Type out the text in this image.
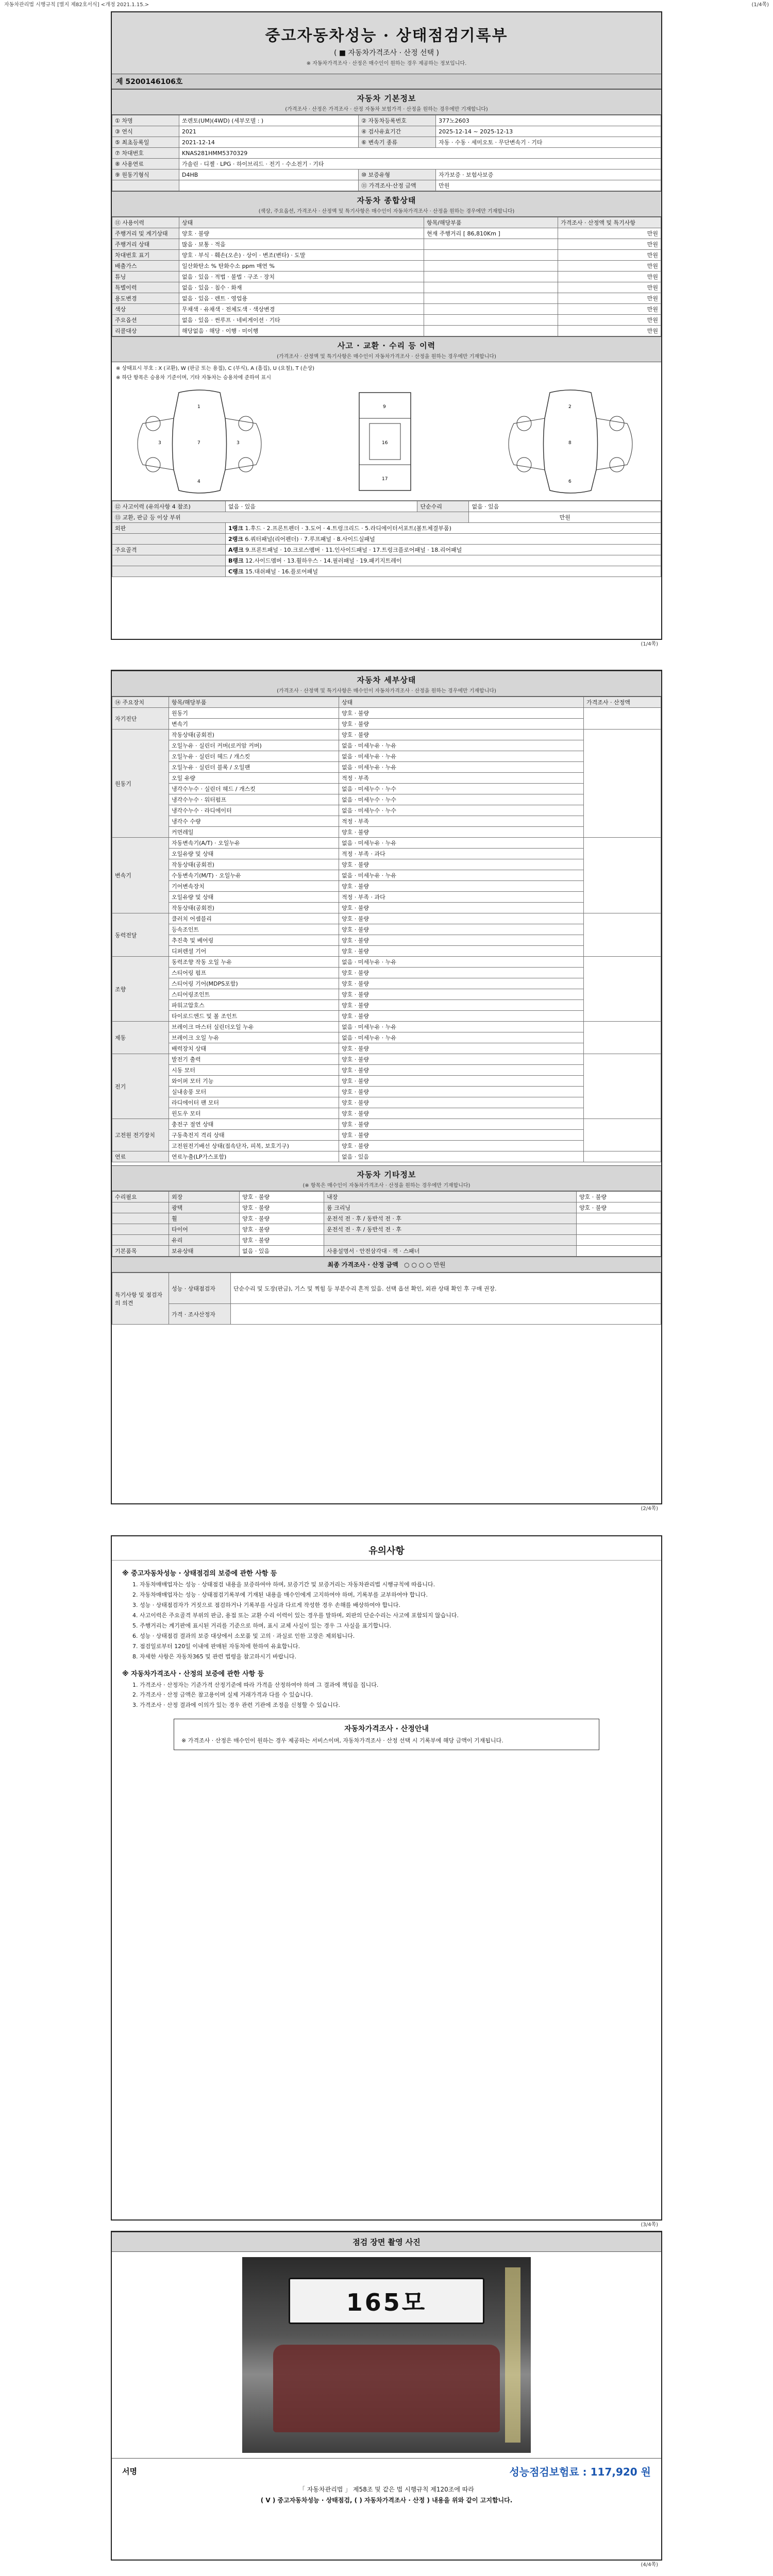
자동차관리법 시행규칙 [별지 제82호서식] <개정 2021.1.15.>	(1/4쪽)
중고자동차성능 · 상태점검기록부
( ■ 자동차가격조사 · 산정 선택 )
※ 자동차가격조사 · 산정은 매수인이 원하는 경우 제공하는 정보입니다.
제 5200146106호
자동차 기본정보
(가격조사 · 산정은 가격조사 · 산정 자동차 보험가격 · 산정을 원하는 경우에만 기재합니다)
① 차명	쏘렌토(UM)(4WD) (세부모델 : )	② 자동차등록번호	377노2603
③ 연식	2021	④ 검사유효기간	2025-12-14 ~ 2025-12-13
⑤ 최초등록일	2021-12-14	⑥ 변속기 종류	자동 · 수동 · 세미오토 · 무단변속기 · 기타
⑦ 차대번호	KNAS281HMM5370329		
⑧ 사용연료	가솔린 · 디젤 · LPG · 하이브리드 · 전기 · 수소전기 · 기타		
⑨ 원동기형식	D4HB	⑩ 보증유형	자가보증 · 보험사보증
		⑪ 가격조사·산정 금액	만원
자동차 종합상태
(색상, 주요옵션, 가격조사 · 산정액 및 특기사항은 매수인이 자동차가격조사 · 산정을 원하는 경우에만 기재합니다)
⑪ 사용이력	상태	항목/해당부품	가격조사 · 산정액 및 특기사항
주행거리 및 계기상태	양호 · 불량	현재 주행거리 [ 86,810Km ]	만원
주행거리 상태	많음 · 보통 · 적음		만원
차대번호 표기	양호 · 부식 · 훼손(오손) · 상이 · 변조(변타) · 도말		만원
배출가스	일산화탄소 % 탄화수소 ppm 매연 %		만원
튜닝	없음 · 있음 · 적법 · 불법 · 구조 · 장치		만원
특별이력	없음 · 있음 · 침수 · 화재		만원
용도변경	없음 · 있음 · 렌트 · 영업용		만원
색상	무채색 · 유채색 · 전체도색 · 색상변경		만원
주요옵션	없음 · 있음 · 썬루프 · 네비게이션 · 기타		만원
리콜대상	해당없음 · 해당 · 이행 · 미이행		만원
사고 · 교환 · 수리 등 이력
(가격조사 · 산정액 및 특기사항은 매수인이 자동차가격조사 · 산정을 원하는 경우에만 기재합니다)
※ 상태표시 부호 : X (교환), W (판금 또는 용접), C (부식), A (흠집), U (요철), T (손상)
※ 하단 항목은 승용차 기준이며, 기타 자동차는 승용차에 준하여 표시
1
7
3	3
4
9
16
17
2
8
6
⑫ 사고이력 (유의사항 4 참조)	없음 · 있음	단순수리	없음 · 있음
⑬ 교환, 판금 등 이상 부위			만원
외판	1랭크 1.후드 · 2.프론트펜더 · 3.도어 · 4.트렁크리드 · 5.라디에이터서포트(볼트체결부품)		
	2랭크 6.쿼터패널(리어펜더) · 7.루프패널 · 8.사이드실패널		
주요골격	A랭크 9.프론트패널 · 10.크로스멤버 · 11.인사이드패널 · 17.트렁크플로어패널 · 18.리어패널		
	B랭크 12.사이드멤버 · 13.휠하우스 · 14.필러패널 · 19.패키지트레이		
	C랭크 15.대쉬패널 · 16.플로어패널		
(1/4쪽)
자동차 세부상태
(가격조사 · 산정액 및 특기사항은 매수인이 자동차가격조사 · 산정을 원하는 경우에만 기재합니다)
⑭ 주요장치	항목/해당부품	상태	가격조사 · 산정액
자기진단	원동기	양호 · 불량	
	변속기	양호 · 불량	
원동기	작동상태(공회전)	양호 · 불량	
	오일누유 · 실린더 커버(로커암 커버)	없음 · 미세누유 · 누유	
	오일누유 · 실린더 헤드 / 개스킷	없음 · 미세누유 · 누유	
	오일누유 · 실린더 블록 / 오일팬	없음 · 미세누유 · 누유	
	오일 유량	적정 · 부족	
	냉각수누수 · 실린더 헤드 / 개스킷	없음 · 미세누수 · 누수	
	냉각수누수 · 워터펌프	없음 · 미세누수 · 누수	
	냉각수누수 · 라디에이터	없음 · 미세누수 · 누수	
	냉각수 수량	적정 · 부족	
	커먼레일	양호 · 불량	
변속기	자동변속기(A/T) · 오일누유	없음 · 미세누유 · 누유	
	오일유량 및 상태	적정 · 부족 · 과다	
	작동상태(공회전)	양호 · 불량	
	수동변속기(M/T) · 오일누유	없음 · 미세누유 · 누유	
	기어변속장치	양호 · 불량	
	오일유량 및 상태	적정 · 부족 · 과다	
	작동상태(공회전)	양호 · 불량	
동력전달	클러치 어셈블리	양호 · 불량	
	등속조인트	양호 · 불량	
	추진축 및 베어링	양호 · 불량	
	디퍼렌셜 기어	양호 · 불량	
조향	동력조향 작동 오일 누유	없음 · 미세누유 · 누유	
	스티어링 펌프	양호 · 불량	
	스티어링 기어(MDPS포함)	양호 · 불량	
	스티어링조인트	양호 · 불량	
	파워고압호스	양호 · 불량	
	타이로드엔드 및 볼 조인트	양호 · 불량	
제동	브레이크 마스터 실린더오일 누유	없음 · 미세누유 · 누유	
	브레이크 오일 누유	없음 · 미세누유 · 누유	
	배력장치 상태	양호 · 불량	
전기	발전기 출력	양호 · 불량	
	시동 모터	양호 · 불량	
	와이퍼 모터 기능	양호 · 불량	
	실내송풍 모터	양호 · 불량	
	라디에이터 팬 모터	양호 · 불량	
	윈도우 모터	양호 · 불량	
고전원 전기장치	충전구 절연 상태	양호 · 불량	
	구동축전지 격리 상태	양호 · 불량	
	고전원전기배선 상태(접속단자, 피복, 보호기구)	양호 · 불량	
연료	연료누출(LP가스포함)	없음 · 있음	
자동차 기타정보
(※ 항목은 매수인이 자동차가격조사 · 산정을 원하는 경우에만 기재합니다)
수리필요	외장	양호 · 불량	내장	양호 · 불량
	광택	양호 · 불량	룸 크리닝	양호 · 불량
	휠	양호 · 불량	운전석 전 · 후 / 동반석 전 · 후	
	타이어	양호 · 불량	운전석 전 · 후 / 동반석 전 · 후	
	유리	양호 · 불량		
기본품목	보유상태	없음 · 있음	사용설명서 · 안전삼각대 · 잭 · 스패너	
최종 가격조사 · 산정 금액 ○ ○ ○ ○ 만원
특기사항 및 점검자의 의견	성능 · 상태점검자	단순수리 및 도장(판금), 기스 및 찍힘 등 부분수리 흔적 있음. 선택 옵션 확인, 외관 상태 확인 후 구매 권장.
	가격 · 조사산정자	
(2/4쪽)
유의사항
※ 중고자동차성능 · 상태점검의 보증에 관한 사항 등

1. 자동차매매업자는 성능 · 상태점검 내용을 보증하여야 하며, 보증기간 및 보증거리는 자동차관리법 시행규칙에 따릅니다.

2. 자동차매매업자는 성능 · 상태점검기록부에 기재된 내용을 매수인에게 고지하여야 하며, 기록부를 교부하여야 합니다.

3. 성능 · 상태점검자가 거짓으로 점검하거나 기록부를 사실과 다르게 작성한 경우 손해를 배상하여야 합니다.

4. 사고이력은 주요골격 부위의 판금, 용접 또는 교환 수리 이력이 있는 경우를 말하며, 외판의 단순수리는 사고에 포함되지 않습니다.

5. 주행거리는 계기판에 표시된 거리를 기준으로 하며, 표시 교체 사실이 있는 경우 그 사실을 표기합니다.

6. 성능 · 상태점검 결과의 보증 대상에서 소모품 및 고의 · 과실로 인한 고장은 제외됩니다.

7. 점검일로부터 120일 이내에 판매된 자동차에 한하여 유효합니다.

8. 자세한 사항은 자동차365 및 관련 법령을 참고하시기 바랍니다.

※ 자동차가격조사 · 산정의 보증에 관한 사항 등

1. 가격조사 · 산정자는 기준가격 산정기준에 따라 가격을 산정하여야 하며 그 결과에 책임을 집니다.

2. 가격조사 · 산정 금액은 참고용이며 실제 거래가격과 다를 수 있습니다.

3. 가격조사 · 산정 결과에 이의가 있는 경우 관련 기관에 조정을 신청할 수 있습니다.

자동차가격조사 · 산정안내
※ 가격조사 · 산정은 매수인이 원하는 경우 제공하는 서비스이며, 자동차가격조사 · 산정 선택 시 기록부에 해당 금액이 기재됩니다.
(3/4쪽)
점검 장면 촬영 사진
165모
서명	성능점검보험료 : 117,920 원
「 자동차관리법 」 제58조 및 같은 법 시행규칙 제120조에 따라
( V ) 중고자동차성능 · 상태점검, ( ) 자동차가격조사 · 산정 ) 내용을 위와 같이 고지합니다.
(4/4쪽)
